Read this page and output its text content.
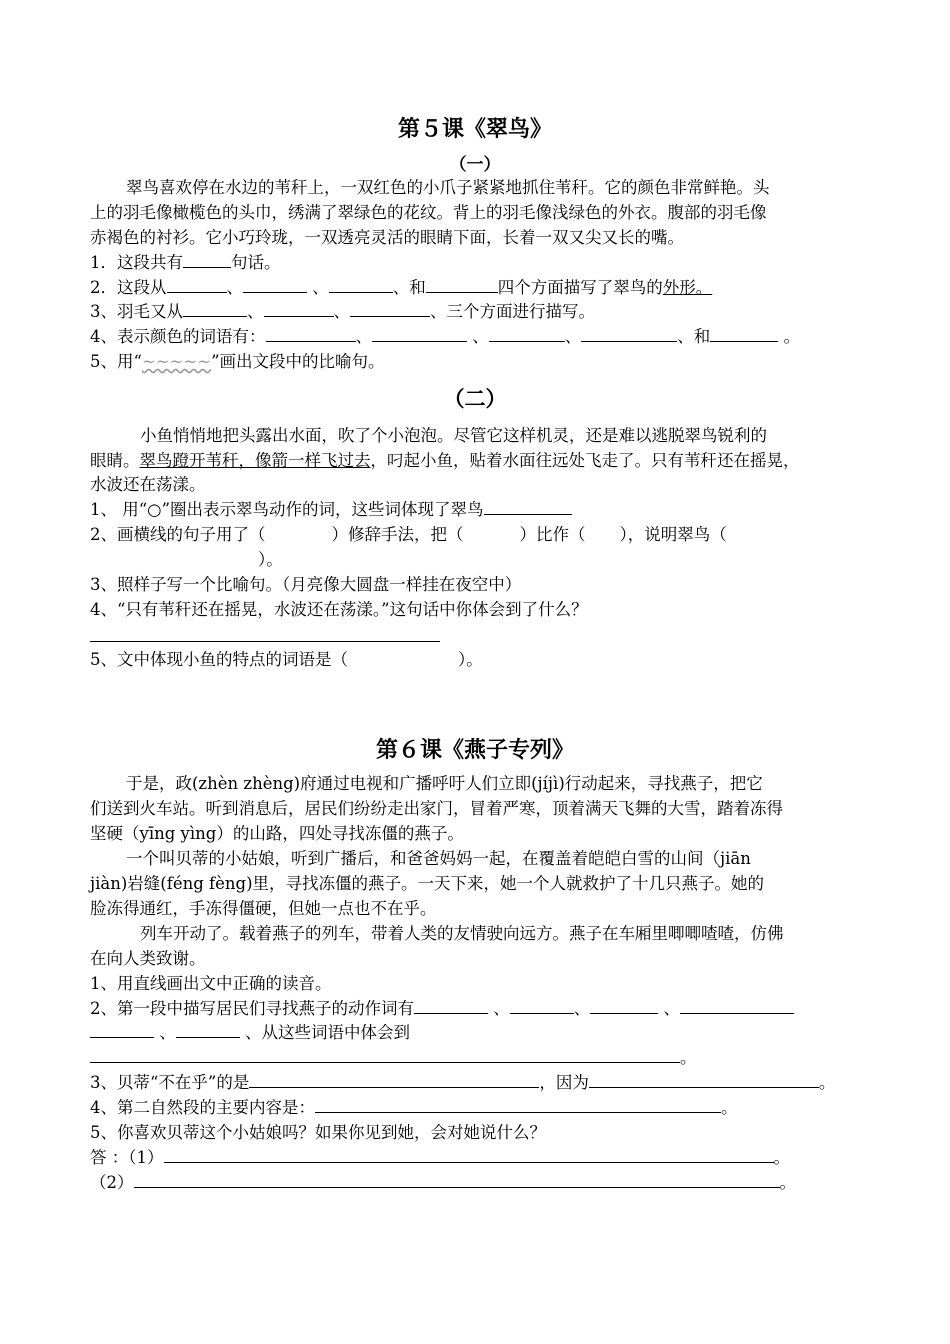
第５课《翠鸟》
（一）
翠鸟喜欢停在水边的苇秆上，一双红色的小爪子紧紧地抓住苇秆。它的颜色非常鲜艳。头
上的羽毛像橄榄色的头巾，绣满了翠绿色的花纹。背上的羽毛像浅绿色的外衣。腹部的羽毛像
赤褐色的衬衫。它小巧玲珑，一双透亮灵活的眼睛下面，长着一双又尖又长的嘴。
1．这段共有	句话。
2．这段从	、	、	、和	四个方面描写了翠鸟的外形。
3、羽毛又从	、	、	、三个方面进行描写。
4、表示颜色的词语有：	、	、	、	、和	。
5、用“~~~~~”画出文段中的比喻句。
（二）
小鱼悄悄地把头露出水面，吹了个小泡泡。尽管它这样机灵，还是难以逃脱翠鸟锐利的
眼睛。翠鸟蹬开苇秆，像箭一样飞过去，叼起小鱼，贴着水面往远处飞走了。只有苇秆还在摇晃，
水波还在荡漾。
1、 用“○”圈出表示翠鸟动作的词，这些词体现了翠鸟
2、画横线的句子用了（	）修辞手法，把（	）比作（ ），说明翠鸟（
）。
3、照样子写一个比喻句。（月亮像大圆盘一样挂在夜空中）
4、“只有苇秆还在摇晃，水波还在荡漾。”这句话中你体会到了什么？
5、文中体现小鱼的特点的词语是（	）。
第６课《燕子专列》
于是，政(zhèn zhèng)府通过电视和广播呼吁人们立即(jíjì)行动起来，寻找燕子，把它
们送到火车站。听到消息后，居民们纷纷走出家门，冒着严寒，顶着满天飞舞的大雪，踏着冻得
坚硬（yīng yìng）的山路，四处寻找冻僵的燕子。
一个叫贝蒂的小姑娘，听到广播后，和爸爸妈妈一起，在覆盖着皑皑白雪的山间（jiān
jiàn)岩缝(féng fèng)里，寻找冻僵的燕子。一天下来，她一个人就救护了十几只燕子。她的
脸冻得通红，手冻得僵硬，但她一点也不在乎。
列车开动了。载着燕子的列车，带着人类的友情驶向远方。燕子在车厢里唧唧喳喳，仿佛
在向人类致谢。
1、用直线画出文中正确的读音。
2、第一段中描写居民们寻找燕子的动作词有	、	、	、
、	、从这些词语中体会到
。
3、贝蒂“不在乎”的是	，因为	。
4、第二自然段的主要内容是：	。
5、你喜欢贝蒂这个小姑娘吗？如果你见到她，会对她说什么？
答 ：（1）	。
（2）	。
